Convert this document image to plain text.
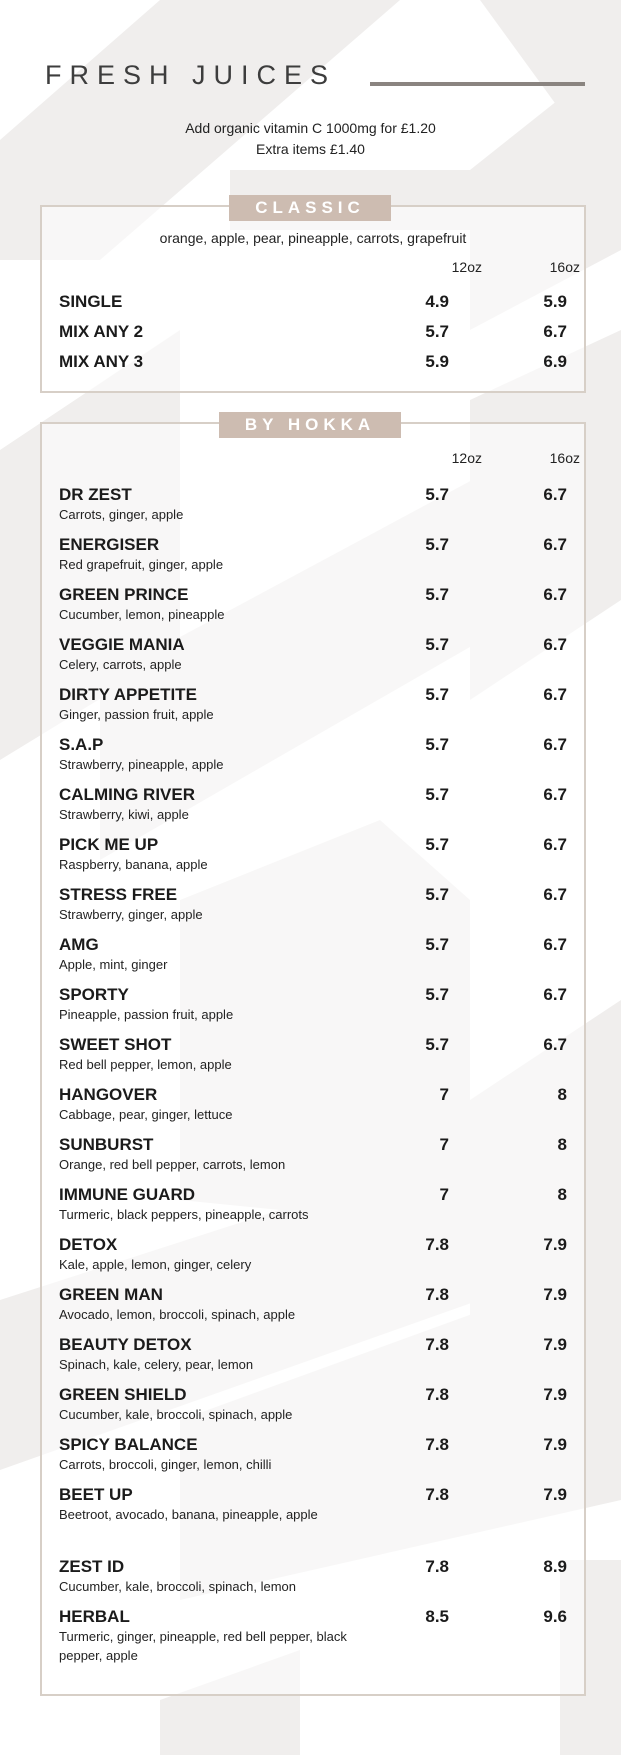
FRESH JUICES
Add organic vitamin C 1000mg for £1.20
Extra items £1.40
CLASSIC
orange, apple, pear, pineapple, carrots, grapefruit
12oz	16oz
SINGLE	4.9	5.9
MIX ANY 2	5.7	6.7
MIX ANY 3	5.9	6.9
BY HOKKA
12oz	16oz
DR ZEST
Carrots, ginger, apple
5.7	6.7
ENERGISER
Red grapefruit, ginger, apple
5.7	6.7
GREEN PRINCE
Cucumber, lemon, pineapple
5.7	6.7
VEGGIE MANIA
Celery, carrots, apple
5.7	6.7
DIRTY APPETITE
Ginger, passion fruit, apple
5.7	6.7
S.A.P
Strawberry, pineapple, apple
5.7	6.7
CALMING RIVER
Strawberry, kiwi, apple
5.7	6.7
PICK ME UP
Raspberry, banana, apple
5.7	6.7
STRESS FREE
Strawberry, ginger, apple
5.7	6.7
AMG
Apple, mint, ginger
5.7	6.7
SPORTY
Pineapple, passion fruit, apple
5.7	6.7
SWEET SHOT
Red bell pepper, lemon, apple
5.7	6.7
HANGOVER
Cabbage, pear, ginger, lettuce
7	8
SUNBURST
Orange, red bell pepper, carrots, lemon
7	8
IMMUNE GUARD
Turmeric, black peppers, pineapple, carrots
7	8
DETOX
Kale, apple, lemon, ginger, celery
7.8	7.9
GREEN MAN
Avocado, lemon, broccoli, spinach, apple
7.8	7.9
BEAUTY DETOX
Spinach, kale, celery, pear, lemon
7.8	7.9
GREEN SHIELD
Cucumber, kale, broccoli, spinach, apple
7.8	7.9
SPICY BALANCE
Carrots, broccoli, ginger, lemon, chilli
7.8	7.9
BEET UP
Beetroot, avocado, banana, pineapple, apple
7.8	7.9
ZEST ID
Cucumber, kale, broccoli, spinach, lemon
7.8	8.9
HERBAL
Turmeric, ginger, pineapple, red bell pepper, black pepper, apple
8.5	9.6
